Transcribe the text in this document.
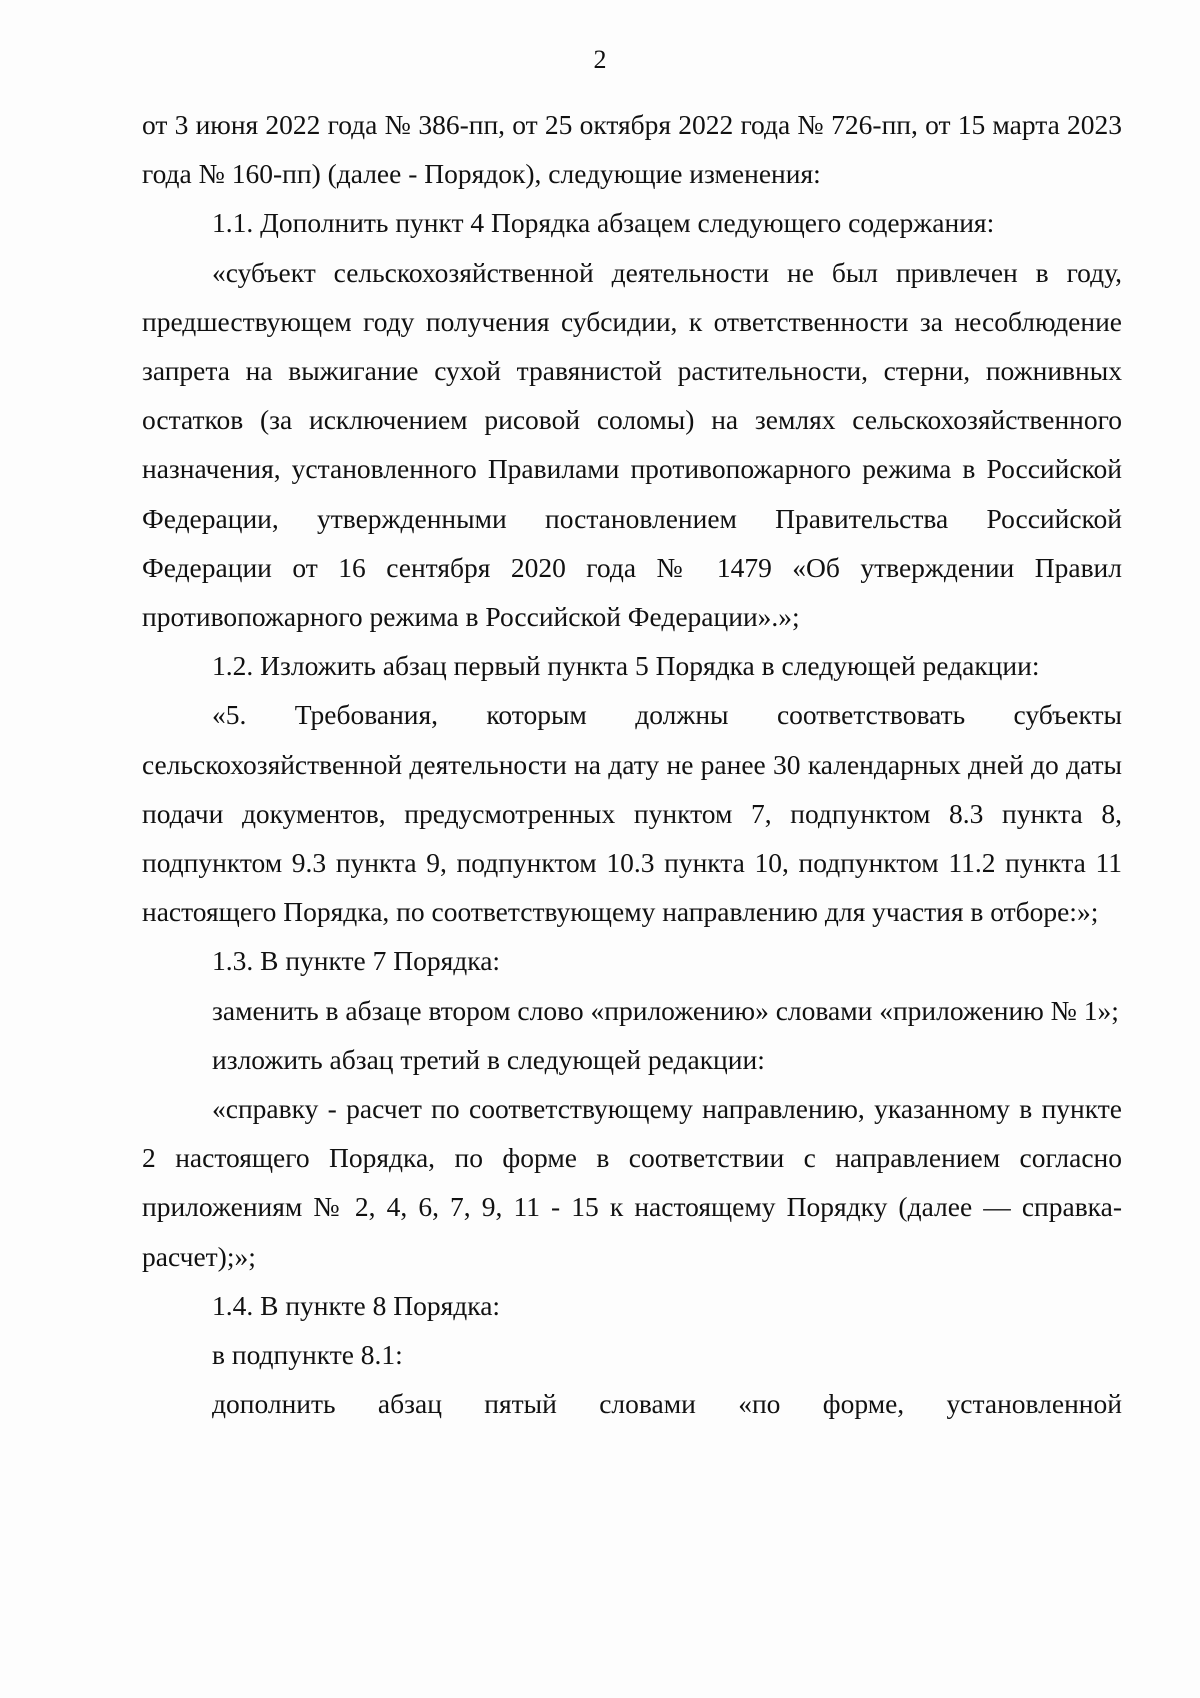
2

от 3 июня 2022 года № 386-пп, от 25 октября 2022 года № 726-пп, от 15 марта 2023 года № 160-пп) (далее - Порядок), следующие изменения:

1.1. Дополнить пункт 4 Порядка абзацем следующего содержания:

«субъект сельскохозяйственной деятельности не был привлечен в году, предшествующем году получения субсидии, к ответственности за несоблюдение запрета на выжигание сухой травянистой растительности, стерни, пожнивных остатков (за исключением рисовой соломы) на землях сельскохозяйственного назначения, установленного Правилами противопожарного режима в Российской Федерации, утвержденными постановлением Правительства Российской Федерации от 16 сентября 2020 года № 1479 «Об утверждении Правил противопожарного режима в Российской Федерации».»;

1.2. Изложить абзац первый пункта 5 Порядка в следующей редакции:

«5. Требования, которым должны соответствовать субъекты сельскохозяйственной деятельности на дату не ранее 30 календарных дней до даты подачи документов, предусмотренных пунктом 7, подпунктом 8.3 пункта 8, подпунктом 9.3 пункта 9, подпунктом 10.3 пункта 10, подпунктом 11.2 пункта 11 настоящего Порядка, по соответствующему направлению для участия в отборе:»;

1.3. В пункте 7 Порядка:

заменить в абзаце втором слово «приложению» словами «приложению № 1»;

изложить абзац третий в следующей редакции:

«справку - расчет по соответствующему направлению, указанному в пункте 2 настоящего Порядка, по форме в соответствии с направлением согласно приложениям № 2, 4, 6, 7, 9, 11 - 15 к настоящему Порядку (далее — справка-расчет);»;

1.4. В пункте 8 Порядка:

в подпункте 8.1:

дополнить абзац пятый словами «по форме, установленной
